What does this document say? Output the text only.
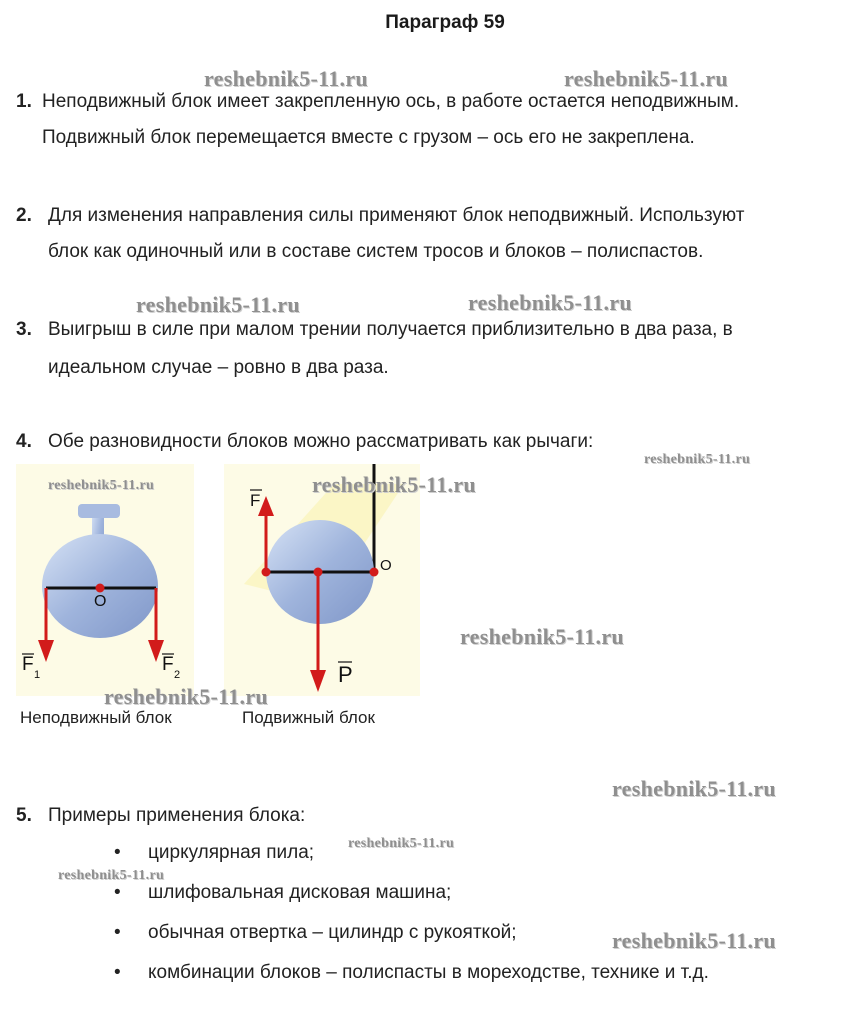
Параграф 59
1. Неподвижный блок имеет закрепленную ось, в работе остается неподвижным.
Подвижный блок перемещается вместе с грузом – ось его не закреплена.
2. Для изменения направления силы применяют блок неподвижный. Используют
блок как одиночный или в составе систем тросов и блоков – полиспастов.
3. Выигрыш в силе при малом трении получается приблизительно в два раза, в
идеальном случае – ровно в два раза.
4. Обе разновидности блоков можно рассматривать как рычаги:
O
F 1	F 2
Неподвижный блок
O
F
P
Подвижный блок
5. Примеры применения блока:
• циркулярная пила;
• шлифовальная дисковая машина;
• обычная отвертка – цилиндр с рукояткой;
• комбинации блоков – полиспасты в мореходстве, технике и т.д.
reshebnik5-11.ru	reshebnik5-11.ru
reshebnik5-11.ru	reshebnik5-11.ru
reshebnik5-11.ru
reshebnik5-11.ru	reshebnik5-11.ru
reshebnik5-11.ru
reshebnik5-11.ru
reshebnik5-11.ru
reshebnik5-11.ru
reshebnik5-11.ru
reshebnik5-11.ru
